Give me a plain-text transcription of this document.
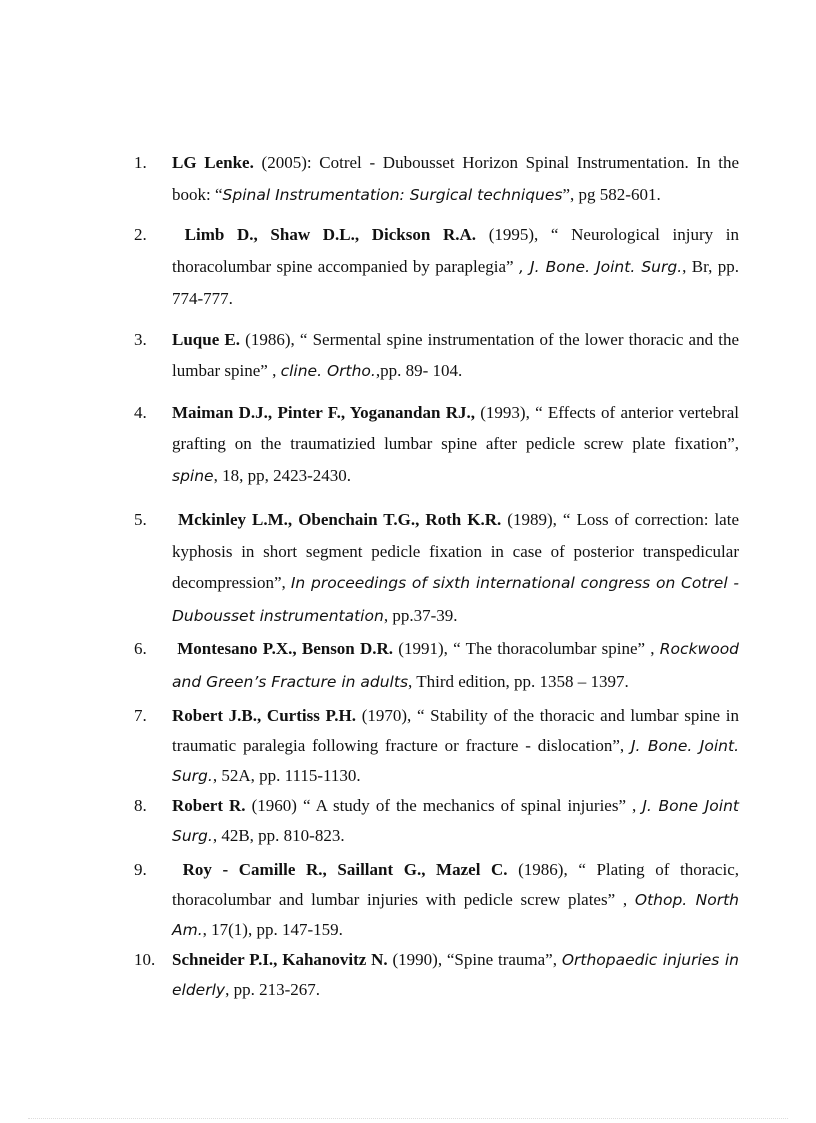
1.	LG Lenke. (2005): Cotrel - Dubousset Horizon Spinal Instrumentation. In the book: “Spinal Instrumentation: Surgical techniques”, pg 582-601.
2.	Limb D., Shaw D.L., Dickson R.A. (1995), “ Neurological injury in thoracolumbar spine accompanied by paraplegia” , J. Bone. Joint. Surg., Br, pp. 774-777.
3.	Luque E. (1986), “ Sermental spine instrumentation of the lower thoracic and the lumbar spine” , cline. Ortho.,pp. 89- 104.
4.	Maiman D.J., Pinter F., Yoganandan RJ., (1993), “ Effects of anterior vertebral grafting on the traumatizied lumbar spine after pedicle screw plate fixation”, spine, 18, pp, 2423-2430.
5.	Mckinley L.M., Obenchain T.G., Roth K.R. (1989), “ Loss of correction: late kyphosis in short segment pedicle fixation in case of posterior transpedicular decompression”, In proceedings of sixth international congress on Cotrel - Dubousset instrumentation, pp.37-39.
6.	Montesano P.X., Benson D.R. (1991), “ The thoracolumbar spine” , Rockwood and Green’s Fracture in adults, Third edition, pp. 1358 – 1397.
7.	Robert J.B., Curtiss P.H. (1970), “ Stability of the thoracic and lumbar spine in traumatic paralegia following fracture or fracture - dislocation”, J. Bone. Joint. Surg., 52A, pp. 1115-1130.
8.	Robert R. (1960) “ A study of the mechanics of spinal injuries” , J. Bone Joint Surg., 42B, pp. 810-823.
9.	Roy - Camille R., Saillant G., Mazel C. (1986), “ Plating of thoracic, thoracolumbar and lumbar injuries with pedicle screw plates” , Othop. North Am., 17(1), pp. 147-159.
10. Schneider P.I., Kahanovitz N. (1990), “Spine trauma”, Orthopaedic injuries in elderly, pp. 213-267.
